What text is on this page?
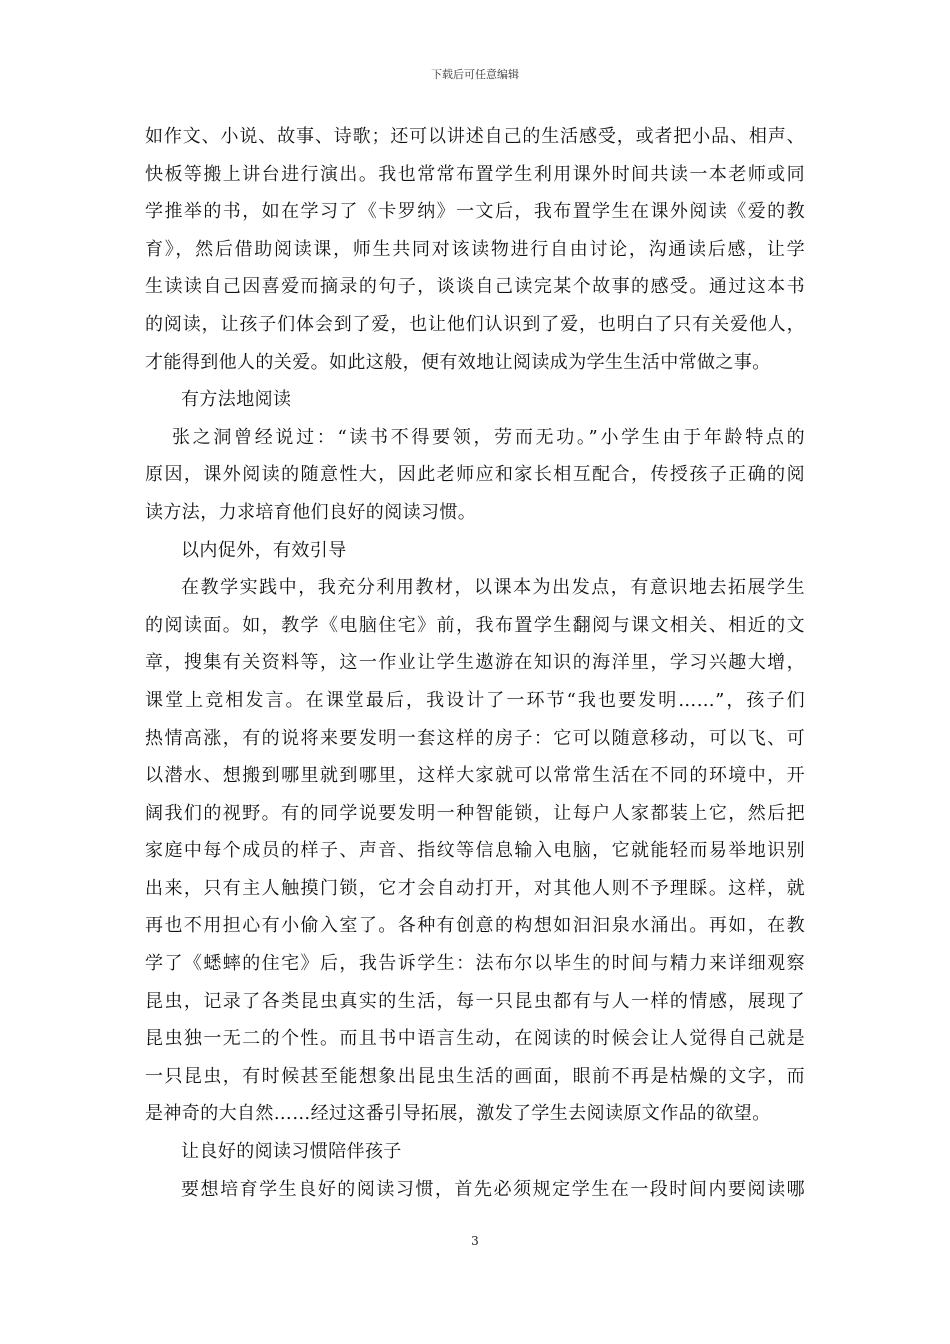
下载后可任意编辑
如作文、小说、故事、诗歌；还可以讲述自己的生活感受，或者把小品、相声、
快板等搬上讲台进行演出。我也常常布置学生利用课外时间共读一本老师或同
学推举的书，如在学习了《卡罗纳》一文后，我布置学生在课外阅读《爱的教
育》，然后借助阅读课，师生共同对该读物进行自由讨论，沟通读后感，让学
生读读自己因喜爱而摘录的句子，谈谈自己读完某个故事的感受。通过这本书
的阅读，让孩子们体会到了爱，也让他们认识到了爱，也明白了只有关爱他人，
才能得到他人的关爱。如此这般，便有效地让阅读成为学生生活中常做之事。
有方法地阅读
张之洞曾经说过：“读书不得要领，劳而无功。”小学生由于年龄特点的
原因，课外阅读的随意性大，因此老师应和家长相互配合，传授孩子正确的阅
读方法，力求培育他们良好的阅读习惯。
以内促外，有效引导
在教学实践中，我充分利用教材，以课本为出发点，有意识地去拓展学生
的阅读面。如，教学《电脑住宅》前，我布置学生翻阅与课文相关、相近的文
章，搜集有关资料等，这一作业让学生遨游在知识的海洋里，学习兴趣大增，
课堂上竞相发言。在课堂最后，我设计了一环节“我也要发明……”，孩子们
热情高涨，有的说将来要发明一套这样的房子：它可以随意移动，可以飞、可
以潜水、想搬到哪里就到哪里，这样大家就可以常常生活在不同的环境中，开
阔我们的视野。有的同学说要发明一种智能锁，让每户人家都装上它，然后把
家庭中每个成员的样子、声音、指纹等信息输入电脑，它就能轻而易举地识别
出来，只有主人触摸门锁，它才会自动打开，对其他人则不予理睬。这样，就
再也不用担心有小偷入室了。各种有创意的构想如汩汩泉水涌出。再如，在教
学了《蟋蟀的住宅》后，我告诉学生：法布尔以毕生的时间与精力来详细观察
昆虫，记录了各类昆虫真实的生活，每一只昆虫都有与人一样的情感，展现了
昆虫独一无二的个性。而且书中语言生动，在阅读的时候会让人觉得自己就是
一只昆虫，有时候甚至能想象出昆虫生活的画面，眼前不再是枯燥的文字，而
是神奇的大自然……经过这番引导拓展，激发了学生去阅读原文作品的欲望。
让良好的阅读习惯陪伴孩子
要想培育学生良好的阅读习惯，首先必须规定学生在一段时间内要阅读哪
3
